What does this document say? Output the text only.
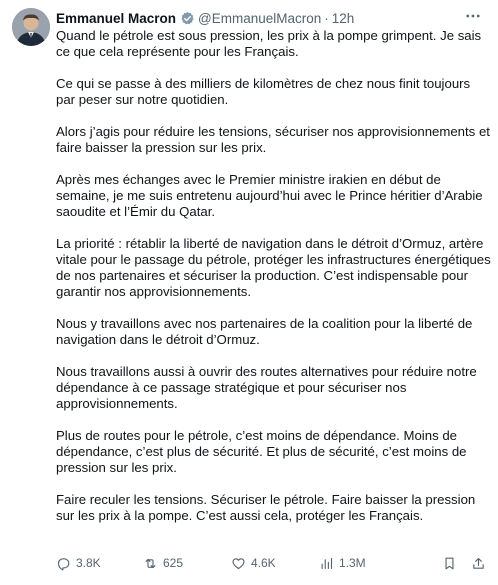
Emmanuel Macron @EmmanuelMacron · 12h

Quand le pétrole est sous pression, les prix à la pompe grimpent. Je sais ce que cela représente pour les Français.

Ce qui se passe à des milliers de kilomètres de chez nous finit toujours par peser sur notre quotidien.

Alors j’agis pour réduire les tensions, sécuriser nos approvisionnements et faire baisser la pression sur les prix.

Après mes échanges avec le Premier ministre irakien en début de semaine, je me suis entretenu aujourd’hui avec le Prince héritier d’Arabie saoudite et l’Émir du Qatar.

La priorité : rétablir la liberté de navigation dans le détroit d’Ormuz, artère vitale pour le passage du pétrole, protéger les infrastructures énergétiques de nos partenaires et sécuriser la production. C’est indispensable pour garantir nos approvisionnements.

Nous y travaillons avec nos partenaires de la coalition pour la liberté de navigation dans le détroit d’Ormuz.

Nous travaillons aussi à ouvrir des routes alternatives pour réduire notre dépendance à ce passage stratégique et pour sécuriser nos approvisionnements.

Plus de routes pour le pétrole, c’est moins de dépendance. Moins de dépendance, c’est plus de sécurité. Et plus de sécurité, c’est moins de pression sur les prix.

Faire reculer les tensions. Sécuriser le pétrole. Faire baisser la pression sur les prix à la pompe. C’est aussi cela, protéger les Français.

3.8K	625	4.6K	1.3M
